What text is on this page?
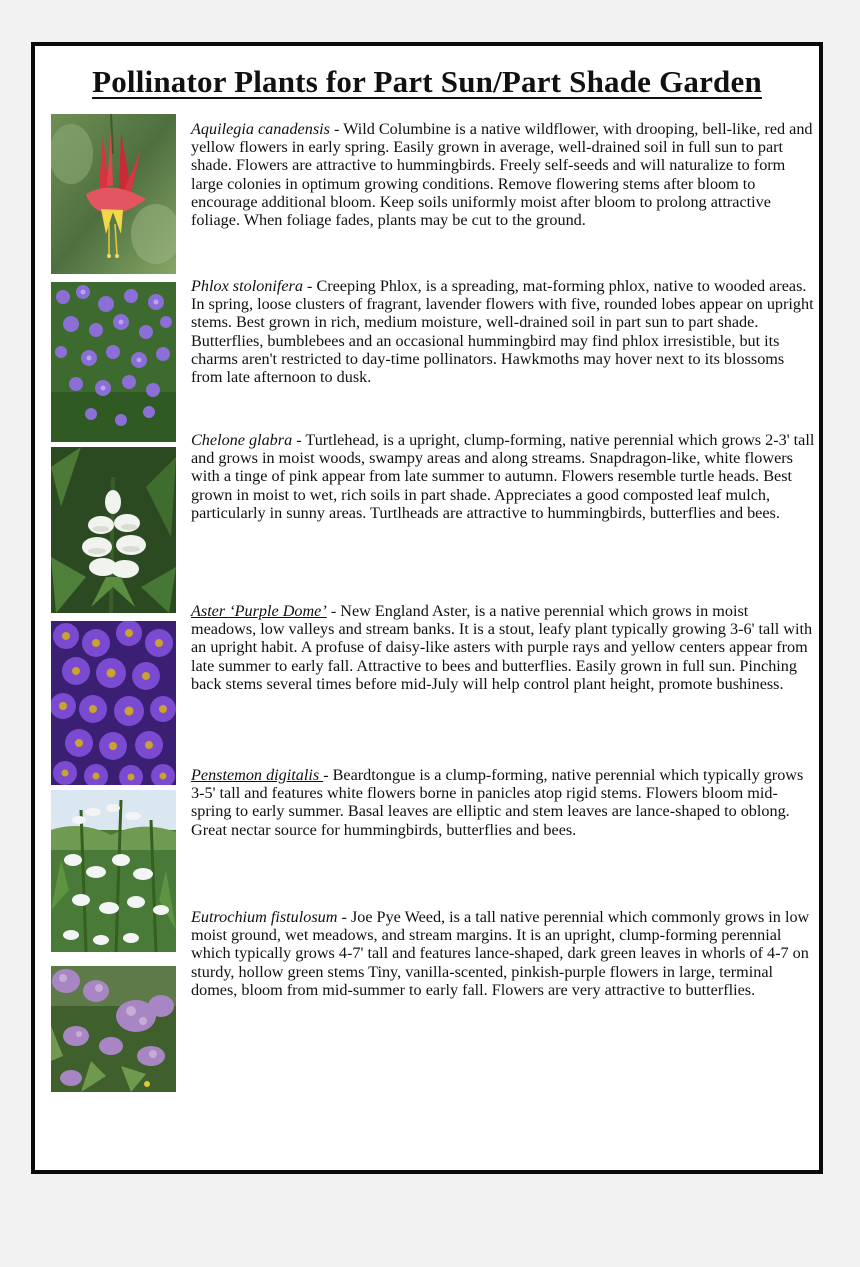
Pollinator Plants for Part Sun/Part Shade Garden

Aquilegia canadensis - Wild Columbine is a native wildflower, with drooping, bell-like, red and yellow flowers in early spring. Easily grown in average, well-drained soil in full sun to part shade. Flowers are attractive to hummingbirds. Freely self-seeds and will naturalize to form large colonies in optimum growing conditions. Remove flowering stems after bloom to encourage additional bloom. Keep soils uniformly moist after bloom to prolong attractive foliage. When foliage fades, plants may be cut to the ground.

Phlox stolonifera - Creeping Phlox, is a spreading, mat-forming phlox, native to wooded areas. In spring, loose clusters of fragrant, lavender flowers with five, rounded lobes appear on upright stems. Best grown in rich, medium moisture, well-drained soil in part sun to part shade. Butterflies, bumblebees and an occasional hummingbird may find phlox irresistible, but its charms aren't restricted to day-time pollinators. Hawkmoths may hover next to its blossoms from late afternoon to dusk.

Chelone glabra - Turtlehead, is a upright, clump-forming, native perennial which grows 2-3' tall and grows in moist woods, swampy areas and along streams. Snapdragon-like, white flowers with a tinge of pink appear from late summer to autumn. Flowers resemble turtle heads. Best grown in moist to wet, rich soils in part shade. Appreciates a good composted leaf mulch, particularly in sunny areas. Turtlheads are attractive to hummingbirds, butterflies and bees.

Aster ‘Purple Dome’ - New England Aster, is a native perennial which grows in moist meadows, low valleys and stream banks. It is a stout, leafy plant typically growing 3-6' tall with an upright habit. A profuse of daisy-like asters with purple rays and yellow centers appear from late summer to early fall. Attractive to bees and butterflies. Easily grown in full sun. Pinching back stems several times before mid-July will help control plant height, promote bushiness.

Penstemon digitalis - Beardtongue is a clump-forming, native perennial which typically grows 3-5' tall and features white flowers borne in panicles atop rigid stems. Flowers bloom mid-spring to early summer. Basal leaves are elliptic and stem leaves are lance-shaped to oblong. Great nectar source for hummingbirds, butterflies and bees.

Eutrochium fistulosum - Joe Pye Weed, is a tall native perennial which commonly grows in low moist ground, wet meadows, and stream margins. It is an upright, clump-forming perennial which typically grows 4-7' tall and features lance-shaped, dark green leaves in whorls of 4-7 on sturdy, hollow green stems Tiny, vanilla-scented, pinkish-purple flowers in large, terminal domes, bloom from mid-summer to early fall. Flowers are very attractive to butterflies.
